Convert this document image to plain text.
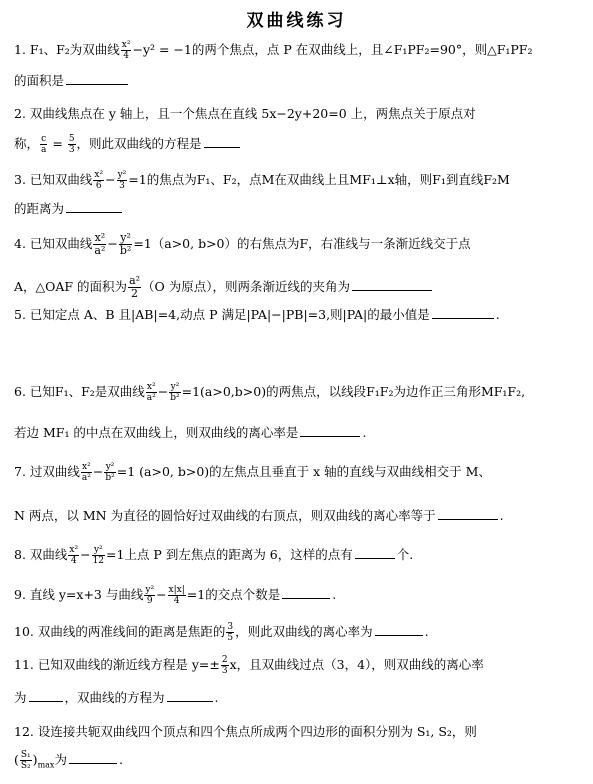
双曲线练习
1. F₁、F₂为双曲线 $\frac{\text{x²}}{4} -y^2 = -1$的两个焦点，点 P 在双曲线上，且∠F₁PF₂=90°，则△F₁PF₂
的面积是
2. 双曲线焦点在 y 轴上，且一个焦点在直线 5x−2y+20=0 上，两焦点关于原点对
称， $\frac{c}{a} = \frac{5}{3}$ ，则此双曲线的方程是
3. 已知双曲线 $\frac{\text{x²}}{6} - \frac{\text{y²}}{3} =1$的焦点为F₁、F₂，点M在双曲线上且MF₁⊥x轴，则F₁到直线F₂M
的距离为
4. 已知双曲线 $\frac{\text{x²}}{\text{a²}} - \frac{\text{y²}}{\text{b²}} =1(a>0$, b>0）的右焦点为F，右准线与一条渐近线交于点
A，△OAF 的面积为 $\frac{\text{a²}}{2} (O$ 为原点），则两条渐近线的夹角为
5. 已知定点 A、B 且|AB|=4,动点 P 满足|PA|−|PB|=3,则|PA|的最小值是	.
6. 已知F₁、F₂是双曲线 $\frac{\text{x²}}{\text{a²}} - \frac{\text{y²}}{\text{b²}} =1(a>0,b>0)$的两焦点，以线段F₁F₂为边作正三角形MF₁F₂,
若边 MF₁ 的中点在双曲线上，则双曲线的离心率是	.
7. 过双曲线 $\frac{\text{x²}}{\text{a²}} - \frac{\text{y²}}{\text{b²}} =1$ (a>0, b>0)的左焦点且垂直于 x 轴的直线与双曲线相交于 M、
N 两点，以 MN 为直径的圆恰好过双曲线的右顶点，则双曲线的离心率等于	.
8. 双曲线 $\frac{\text{x²}}{4} - \frac{\text{y²}}{12} =1$上点 P 到左焦点的距离为 6，这样的点有	个.
9. 直线 y=x+3 与曲线 $\frac{\text{y²}}{9} - \frac{x|x|}{4} =1$的交点个数是	.
10. 双曲线的两准线间的距离是焦距的 $\frac{3}{5}$ ，则此双曲线的离心率为	.
11. 已知双曲线的渐近线方程是 $y=\pm \frac{2}{3}$ x，且双曲线过点（3，4），则双曲线的离心率
为	，双曲线的方程为	.
12. 设连接共轭双曲线四个顶点和四个焦点所成两个四边形的面积分别为 S₁, S₂，则
( $\frac{\text{S₁}}{\text{S₂}} )_{max}$为	.
